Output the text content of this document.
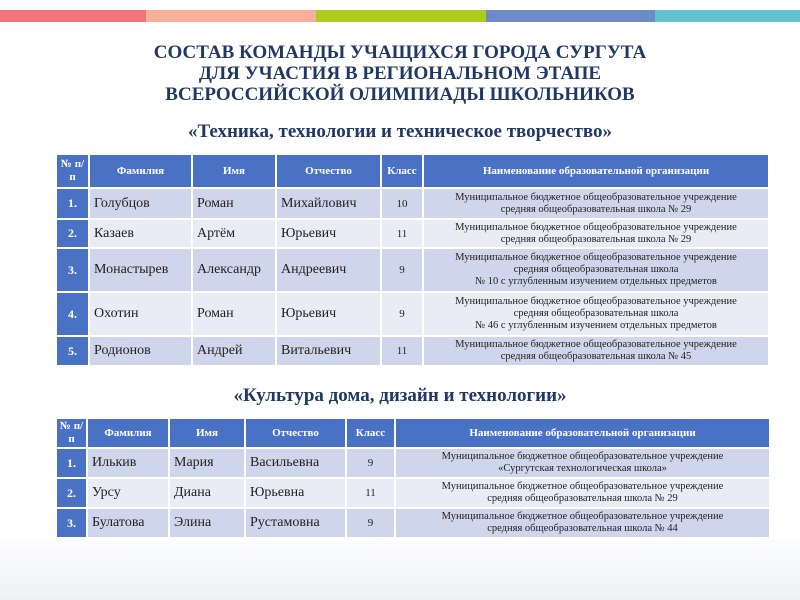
СОСТАВ КОМАНДЫ УЧАЩИХСЯ ГОРОДА СУРГУТА
ДЛЯ УЧАСТИЯ В РЕГИОНАЛЬНОМ ЭТАПЕ
ВСЕРОССИЙСКОЙ ОЛИМПИАДЫ ШКОЛЬНИКОВ
«Техника, технологии и техническое творчество»
№ п/п	Фамилия	Имя	Отчество	Класс	Наименование образовательной организации
1.	Голубцов	Роман	Михайлович	10	Муниципальное бюджетное общеобразовательное учреждение
средняя общеобразовательная школа № 29
2.	Казаев	Артём	Юрьевич	11	Муниципальное бюджетное общеобразовательное учреждение
средняя общеобразовательная школа № 29
3.	Монастырев	Александр	Андреевич	9	Муниципальное бюджетное общеобразовательное учреждение
средняя общеобразовательная школа
№ 10 с углубленным изучением отдельных предметов
4.	Охотин	Роман	Юрьевич	9	Муниципальное бюджетное общеобразовательное учреждение
средняя общеобразовательная школа
№ 46 с углубленным изучением отдельных предметов
5.	Родионов	Андрей	Витальевич	11	Муниципальное бюджетное общеобразовательное учреждение
средняя общеобразовательная школа № 45
«Культура дома, дизайн и технологии»
№ п/п	Фамилия	Имя	Отчество	Класс	Наименование образовательной организации
1.	Илькив	Мария	Васильевна	9	Муниципальное бюджетное общеобразовательное учреждение
«Сургутская технологическая школа»
2.	Урсу	Диана	Юрьевна	11	Муниципальное бюджетное общеобразовательное учреждение
средняя общеобразовательная школа № 29
3.	Булатова	Элина	Рустамовна	9	Муниципальное бюджетное общеобразовательное учреждение
средняя общеобразовательная школа № 44
